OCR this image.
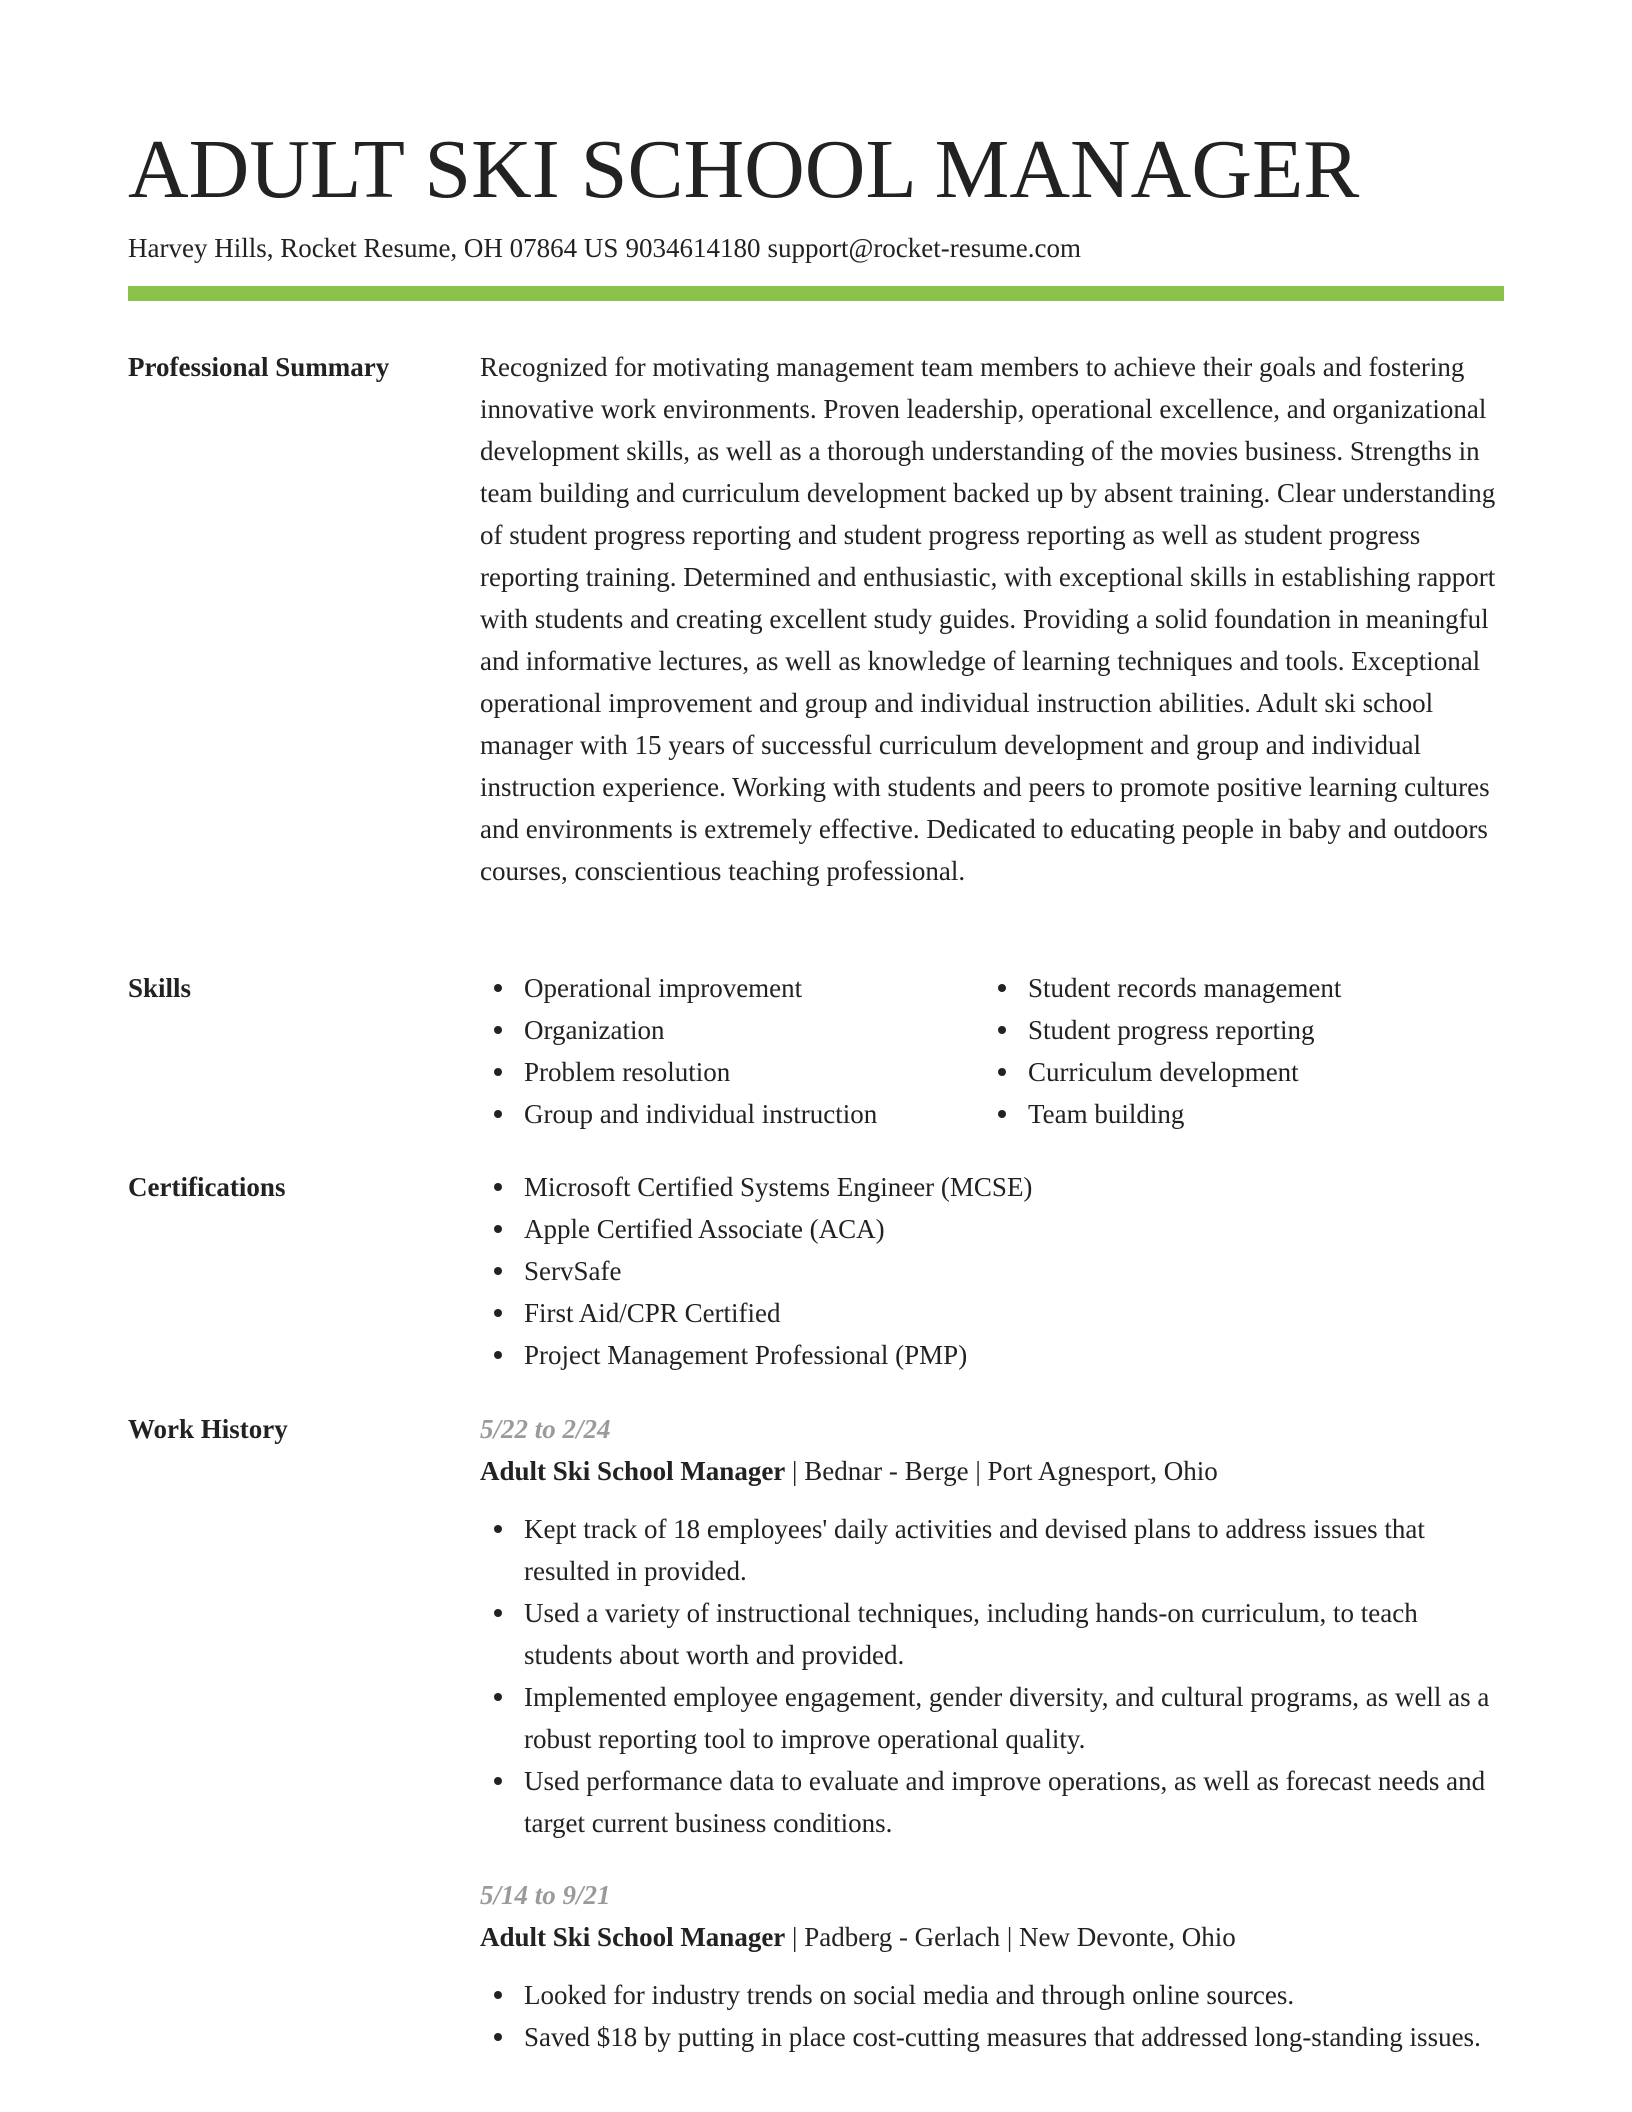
ADULT SKI SCHOOL MANAGER
Harvey Hills, Rocket Resume, OH 07864 US 9034614180 support@rocket-resume.com
Professional Summary	Recognized for motivating management team members to achieve their goals and fostering innovative work environments. Proven leadership, operational excellence, and organizational development skills, as well as a thorough understanding of the movies business. Strengths in team building and curriculum development backed up by absent training. Clear understanding of student progress reporting and student progress reporting as well as student progress reporting training. Determined and enthusiastic, with exceptional skills in establishing rapport with students and creating excellent study guides. Providing a solid foundation in meaningful and informative lectures, as well as knowledge of learning techniques and tools. Exceptional operational improvement and group and individual instruction abilities. Adult ski school manager with 15 years of successful curriculum development and group and individual instruction experience. Working with students and peers to promote positive learning cultures and environments is extremely effective. Dedicated to educating people in baby and outdoors courses, conscientious teaching professional.

Skills	Operational improvement
Organization
Problem resolution
Group and individual instruction
Student records management
Student progress reporting
Curriculum development
Team building
Certifications	Microsoft Certified Systems Engineer (MCSE)
Apple Certified Associate (ACA)
ServSafe
First Aid/CPR Certified
Project Management Professional (PMP)
Work History	5/22 to 2/24
Adult Ski School Manager | Bednar - Berge | Port Agnesport, Ohio
Kept track of 18 employees' daily activities and devised plans to address issues that resulted in provided.
Used a variety of instructional techniques, including hands-on curriculum, to teach students about worth and provided.
Implemented employee engagement, gender diversity, and cultural programs, as well as a robust reporting tool to improve operational quality.
Used performance data to evaluate and improve operations, as well as forecast needs and target current business conditions.
5/14 to 9/21
Adult Ski School Manager | Padberg - Gerlach | New Devonte, Ohio
Looked for industry trends on social media and through online sources.
Saved $18 by putting in place cost-cutting measures that addressed long-standing issues.
